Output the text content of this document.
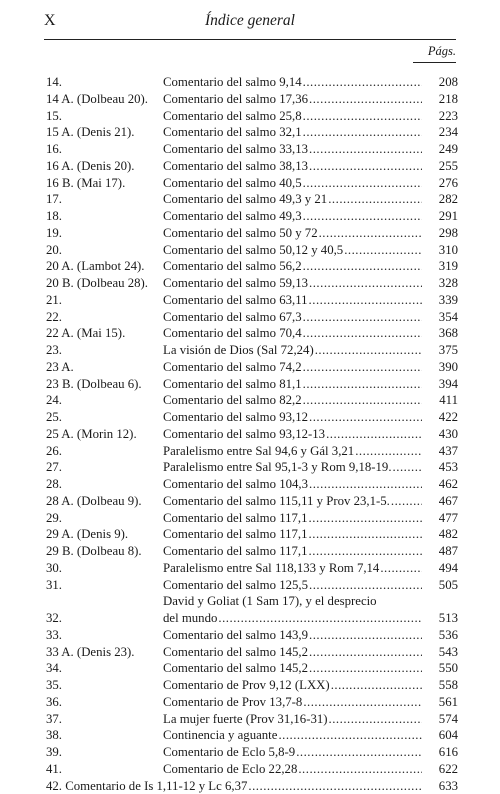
X	Índice general
Págs.
14.	Comentario del salmo 9,14 .....	208
14 A. (Dolbeau 20).	Comentario del salmo 17,36 .....	218
15.	Comentario del salmo 25,8 .....	223
15 A. (Denis 21).	Comentario del salmo 32,1 .....	234
16.	Comentario del salmo 33,13 .....	249
16 A. (Denis 20).	Comentario del salmo 38,13 .....	255
16 B. (Mai 17).	Comentario del salmo 40,5 .....	276
17.	Comentario del salmo 49,3 y 21 .....	282
18.	Comentario del salmo 49,3 .....	291
19.	Comentario del salmo 50 y 72 .....	298
20.	Comentario del salmo 50,12 y 40,5 .....	310
20 A. (Lambot 24).	Comentario del salmo 56,2 .....	319
20 B. (Dolbeau 28).	Comentario del salmo 59,13 .....	328
21.	Comentario del salmo 63,11 .....	339
22.	Comentario del salmo 67,3 .....	354
22 A. (Mai 15).	Comentario del salmo 70,4 .....	368
23.	La visión de Dios (Sal 72,24) .....	375
23 A.	Comentario del salmo 74,2 .....	390
23 B. (Dolbeau 6).	Comentario del salmo 81,1 .....	394
24.	Comentario del salmo 82,2 .....	411
25.	Comentario del salmo 93,12 .....	422
25 A. (Morin 12).	Comentario del salmo 93,12-13 .....	430
26.	Paralelismo entre Sal 94,6 y Gál 3,21 .....	437
27.	Paralelismo entre Sal 95,1-3 y Rom 9,18-19. .....	453
28.	Comentario del salmo 104,3 .....	462
28 A. (Dolbeau 9).	Comentario del salmo 115,11 y Prov 23,1-5. .....	467
29.	Comentario del salmo 117,1 .....	477
29 A. (Denis 9).	Comentario del salmo 117,1 .....	482
29 B. (Dolbeau 8).	Comentario del salmo 117,1 .....	487
30.	Paralelismo entre Sal 118,133 y Rom 7,14 .....	494
31.	Comentario del salmo 125,5 .....	505
32.
David y Goliat (1 Sam 17), y el desprecio
del mundo .....	513
33.	Comentario del salmo 143,9 .....	536
33 A. (Denis 23).	Comentario del salmo 145,2 .....	543
34.	Comentario del salmo 145,2 .....	550
35.	Comentario de Prov 9,12 (LXX) .....	558
36.	Comentario de Prov 13,7-8 .....	561
37.	La mujer fuerte (Prov 31,16-31) .....	574
38.	Continencia y aguante .....	604
39.	Comentario de Eclo 5,8-9 .....	616
41.	Comentario de Eclo 22,28 .....	622
42. Comentario de Is 1,11-12 y Lc 6,37 .....	633
